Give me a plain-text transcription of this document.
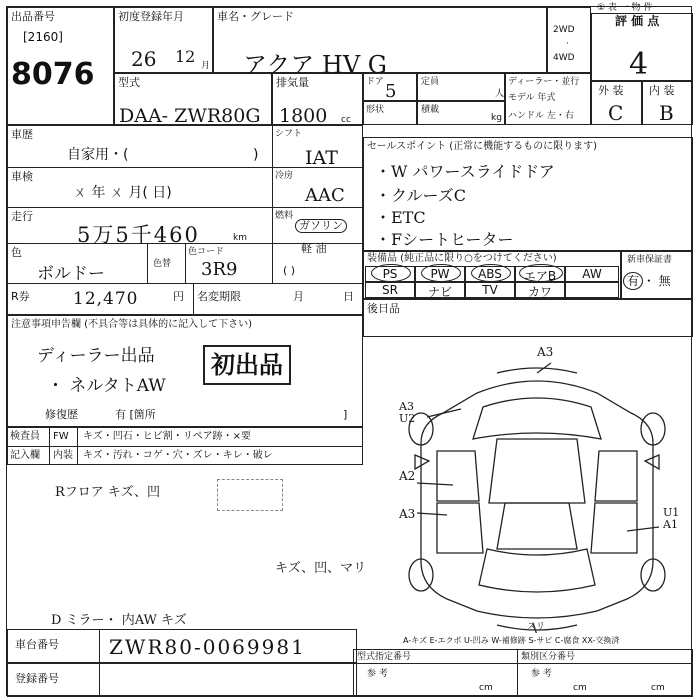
出品番号
[2160]
8076
初度登録年月
26 12 月
車名・グレード
アクア HV G
2WD
·
4WD
① 表 一 物 件
評 価 点
4
外 装 内 装
C B
型式
DAA- ZWR80G
排気量
1800 cc
ドア 5	定員
人
形状	積載
kg
ディーラー・並行
モデル 年式
ハンドル 左・右
車歴
自家用・(	)
シフト
IAT
車検
ㄨ 年 ㄨ 月( 日)
冷房
AAC
走行
5万5千460	km
燃料
ガソリン
軽 油
( )
色
ボルドー	色替
色コード
3R9
R券	12,470	円 名変期限	月	日
注意事項申告欄 (不具合等は具体的に記入して下さい)
ディーラー出品
・ ネルタトAW
初出品
修復歴	有 [箇所	]
検査員
記入欄
FW
内装
キズ・凹石・ヒビ割・リペア跡・×要
キズ・汚れ・コゲ・穴・ズレ・キレ・破レ
Rフロア キズ、凹
キズ、凹、マリ
D ミラー・ 内AW キズ
セールスポイント (正常に機能するものに限ります)
・W パワースライドドア
・クルーズC
・ETC
・Fシートヒーター
装備品 (純正品に限り○をつけてください)
PS	PW	ABS	エアB	AW
SR	ナビ	TV	カワ
新車保証書
有 ・ 無
後日品
A3
A3 U2
A2
A3	U1 A1
スリ
A-キズ E-エクボ U-凹み W-補修跡 S-サビ C-腐食 XX-交換済
車台番号	ZWR80-0069981
登録番号
型式指定番号	類別区分番号
参 考	参 考
cm	cm	cm
